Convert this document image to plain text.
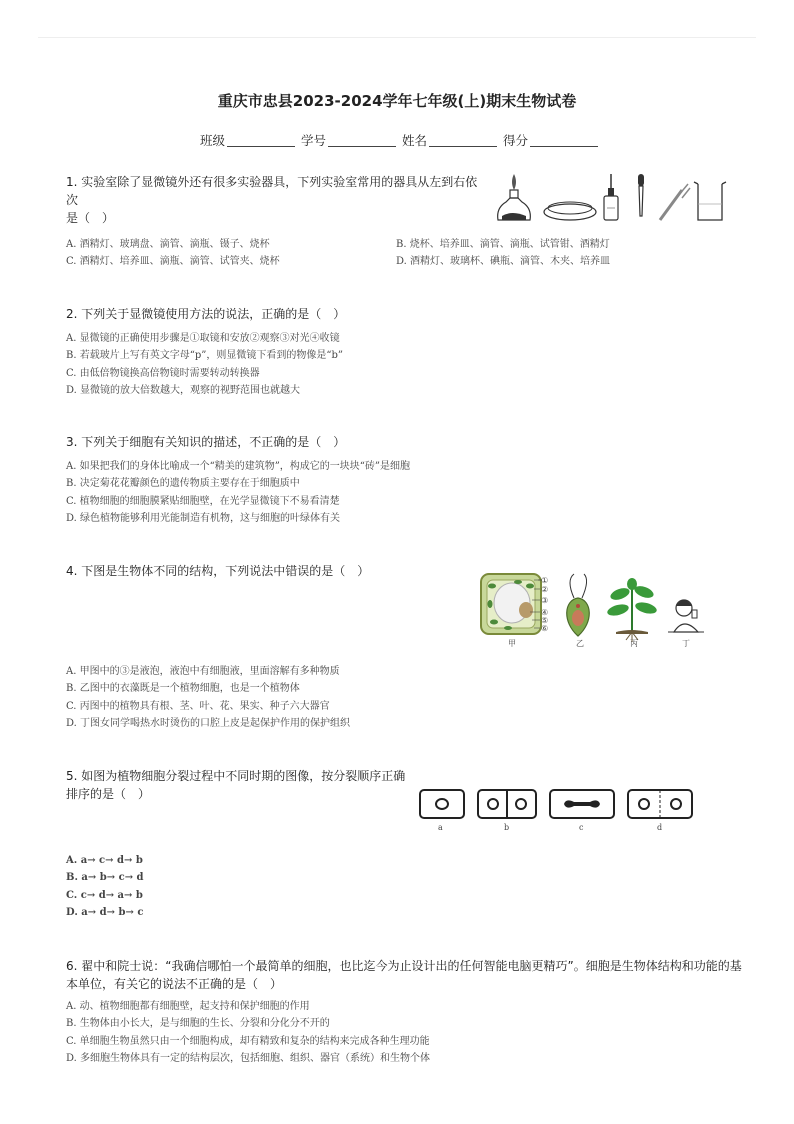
重庆市忠县2023-2024学年七年级(上)期末生物试卷
班级	学号	姓名	得分
1. 实验室除了显微镜外还有很多实验器具，下列实验室常用的器具从左到右依次
是（　）
A. 酒精灯、玻璃盘、滴管、滴瓶、镊子、烧杯	B. 烧杯、培养皿、滴管、滴瓶、试管钳、酒精灯
C. 酒精灯、培养皿、滴瓶、滴管、试管夹、烧杯	D. 酒精灯、玻璃杯、碘瓶、滴管、木夹、培养皿
2. 下列关于显微镜使用方法的说法，正确的是（　）
A. 显微镜的正确使用步骤是①取镜和安放②观察③对光④收镜
B. 若载玻片上写有英文字母“p”，则显微镜下看到的物像是“b”
C. 由低倍物镜换高倍物镜时需要转动转换器
D. 显微镜的放大倍数越大，观察的视野范围也就越大
3. 下列关于细胞有关知识的描述，不正确的是（　）
A. 如果把我们的身体比喻成一个“精美的建筑物”，构成它的一块块“砖”是细胞
B. 决定菊花花瓣颜色的遗传物质主要存在于细胞质中
C. 植物细胞的细胞膜紧贴细胞壁，在光学显微镜下不易看清楚
D. 绿色植物能够利用光能制造有机物，这与细胞的叶绿体有关
4. 下图是生物体不同的结构，下列说法中错误的是（　）
①
②
③
④
⑤
⑥
甲	乙	丙	丁
A. 甲图中的③是液泡，液泡中有细胞液，里面溶解有多种物质
B. 乙图中的衣藻既是一个植物细胞，也是一个植物体
C. 丙图中的植物具有根、茎、叶、花、果实、种子六大器官
D. 丁图女同学喝热水时烫伤的口腔上皮是起保护作用的保护组织
5. 如图为植物细胞分裂过程中不同时期的图像，按分裂顺序正确
排序的是（　）
a	b	c	d
A. a→ c→ d→ b
B. a→ b→ c→ d
C. c→ d→ a→ b
D. a→ d→ b→ c
6. 翟中和院士说：“我确信哪怕一个最简单的细胞，也比迄今为止设计出的任何智能电脑更精巧”。细胞是生物体结构和功能的基
本单位，有关它的说法不正确的是（　）
A. 动、植物细胞都有细胞壁，起支持和保护细胞的作用
B. 生物体由小长大，是与细胞的生长、分裂和分化分不开的
C. 单细胞生物虽然只由一个细胞构成，却有精致和复杂的结构来完成各种生理功能
D. 多细胞生物体具有一定的结构层次，包括细胞、组织、器官（系统）和生物个体
